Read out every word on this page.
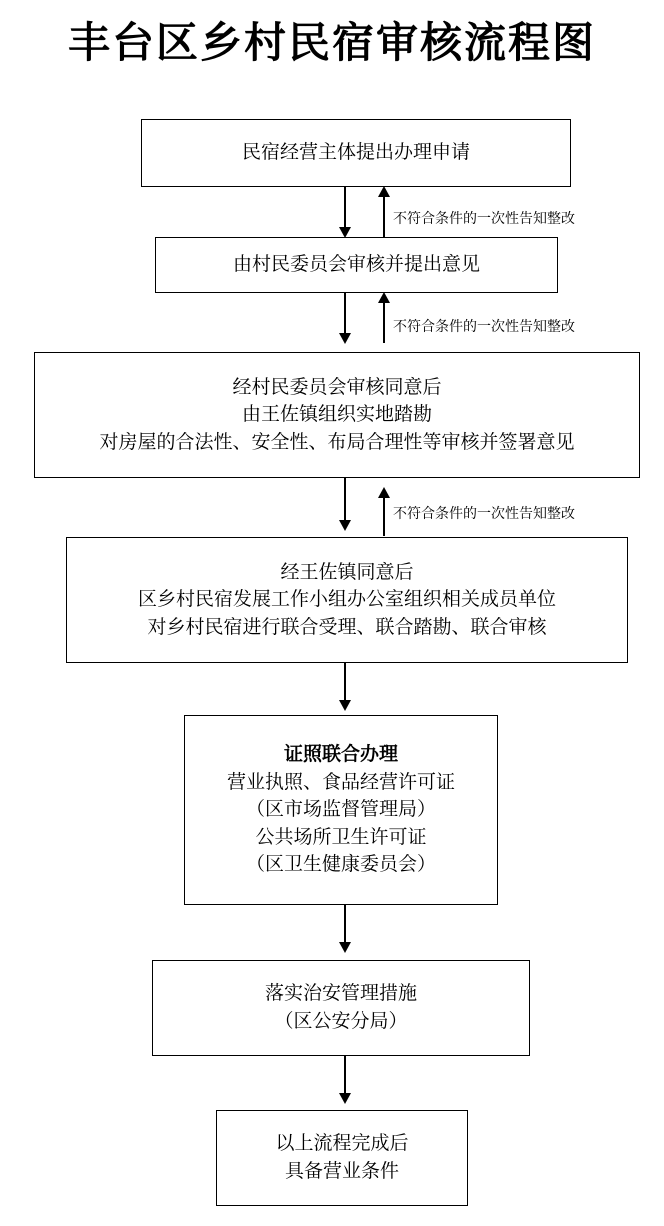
丰台区乡村民宿审核流程图
民宿经营主体提出办理申请
不符合条件的一次性告知整改
由村民委员会审核并提出意见
不符合条件的一次性告知整改
经村民委员会审核同意后
由王佐镇组织实地踏勘
对房屋的合法性、安全性、布局合理性等审核并签署意见
不符合条件的一次性告知整改
经王佐镇同意后
区乡村民宿发展工作小组办公室组织相关成员单位
对乡村民宿进行联合受理、联合踏勘、联合审核
证照联合办理
营业执照、食品经营许可证
（区市场监督管理局）
公共场所卫生许可证
（区卫生健康委员会）
落实治安管理措施
（区公安分局）
以上流程完成后
具备营业条件
